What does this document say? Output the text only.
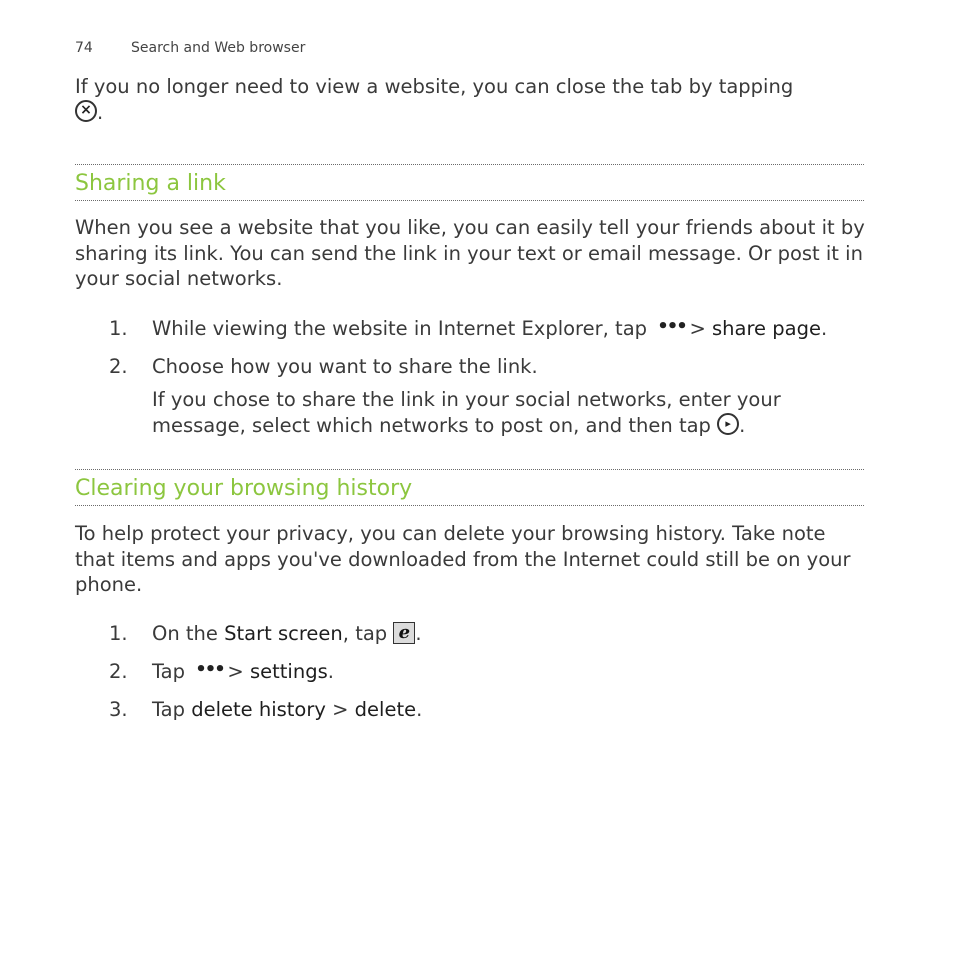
74	Search and Web browser
If you no longer need to view a website, you can close the tab by tapping
× .
Sharing a link
When you see a website that you like, you can easily tell your friends about it by sharing its link. You can send the link in your text or email message. Or post it in your social networks.
1.	While viewing the website in Internet Explorer, tap ••• > share page.
2.	Choose how you want to share the link.
If you chose to share the link in your social networks, enter your message, select which networks to post on, and then tap ▸ .
Clearing your browsing history
To help protect your privacy, you can delete your browsing history. Take note that items and apps you've downloaded from the Internet could still be on your phone.
1.	On the Start screen, tap e .
2.	Tap ••• > settings.
3.	Tap delete history > delete.
